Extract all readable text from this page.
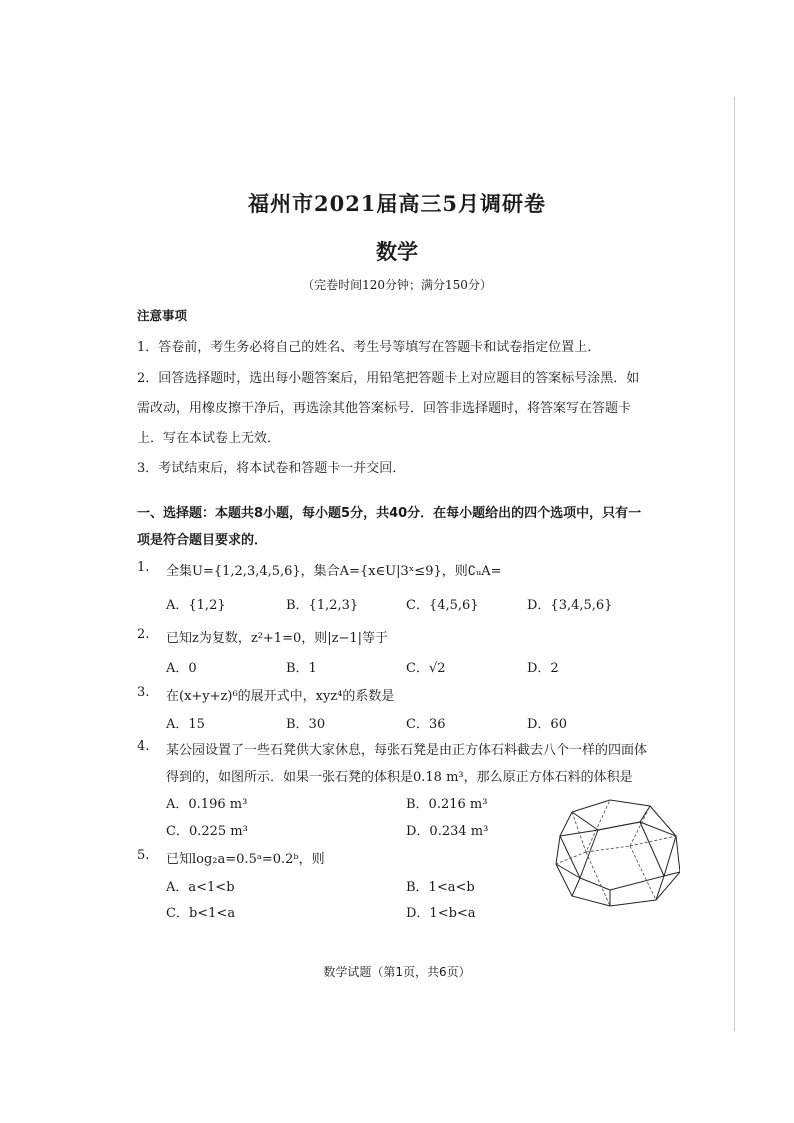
福州市2021届高三5月调研卷
数学
（完卷时间120分钟；满分150分）
注意事项
1．答卷前，考生务必将自己的姓名、考生号等填写在答题卡和试卷指定位置上．
2．回答选择题时，选出每小题答案后，用铅笔把答题卡上对应题目的答案标号涂黑．如
需改动，用橡皮擦干净后，再选涂其他答案标号．回答非选择题时，将答案写在答题卡
上．写在本试卷上无效．
3．考试结束后，将本试卷和答题卡一并交回．
一、选择题：本题共8小题，每小题5分，共40分．在每小题给出的四个选项中，只有一
项是符合题目要求的．
1. 全集U={1,2,3,4,5,6}，集合A={x∈U|3ˣ≤9}，则∁ᵤA=
A．{1,2}	B．{1,2,3}	C．{4,5,6}	D．{3,4,5,6}
2. 已知z为复数，z²+1=0，则|z−1|等于
A．0	B．1	C．√2	D．2
3. 在(x+y+z)⁶的展开式中，xyz⁴的系数是
A．15	B．30	C．36	D．60
4. 某公园设置了一些石凳供大家休息，每张石凳是由正方体石料截去八个一样的四面体
得到的，如图所示．如果一张石凳的体积是0.18 m³，那么原正方体石料的体积是
A．0.196 m³	B．0.216 m³
C．0.225 m³	D．0.234 m³
5. 已知log₂a=0.5ᵃ=0.2ᵇ，则
A．a<1<b	B．1<a<b
C．b<1<a	D．1<b<a
数学试题（第1页，共6页）
